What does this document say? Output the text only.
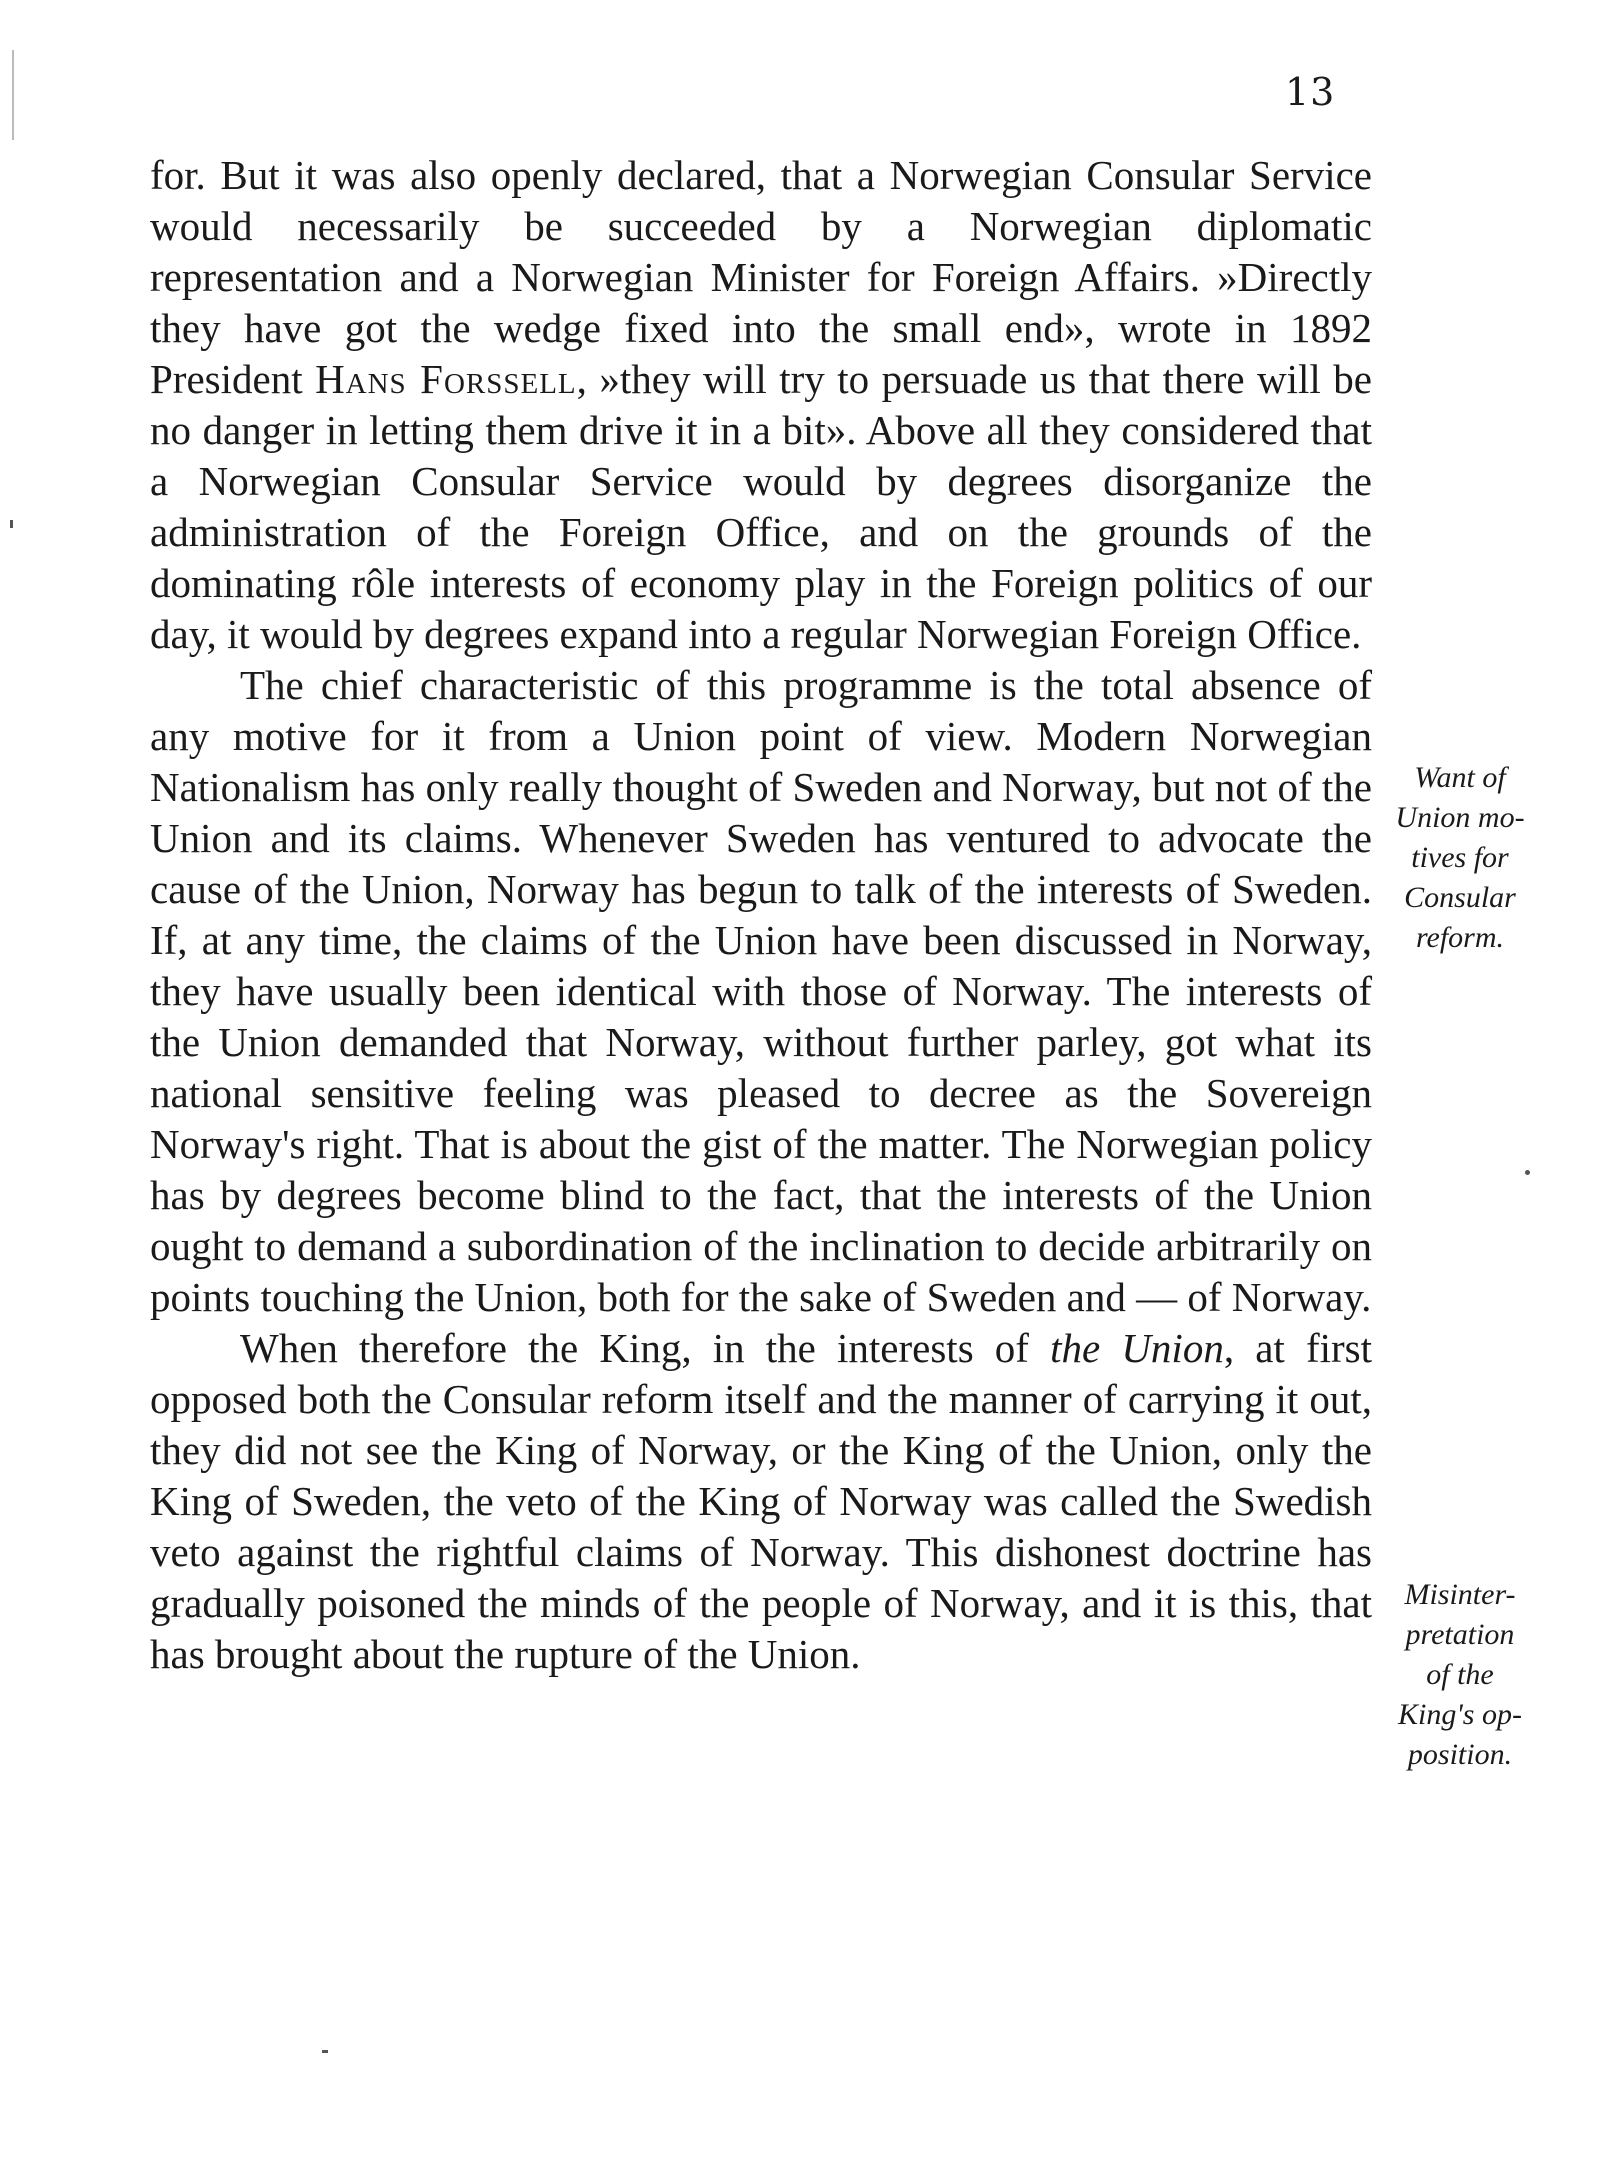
13

for. But it was also openly declared, that a Norwegian Consular Service would necessarily be succeeded by a Norwegian diplomatic representation and a Norwegian Minister for Foreign Affairs. »Directly they have got the wedge fixed into the small end», wrote in 1892 President Hans Forssell, »they will try to persuade us that there will be no danger in letting them drive it in a bit». Above all they considered that a Norwegian Consular Service would by degrees disorganize the administration of the Foreign Office, and on the grounds of the dominating rôle interests of economy play in the Foreign politics of our day, it would by degrees expand into a regular Norwegian Foreign Office.

The chief characteristic of this programme is the total absence of any motive for it from a Union point of view. Modern Norwegian Nationalism has only really thought of Sweden and Norway, but not of the Union and its claims. Whenever Sweden has ventured to advocate the cause of the Union, Norway has begun to talk of the interests of Sweden. If, at any time, the claims of the Union have been discussed in Norway, they have usually been identical with those of Norway. The interests of the Union demanded that Norway, without further parley, got what its national sensitive feeling was pleased to decree as the Sovereign Norway's right. That is about the gist of the matter. The Norwegian policy has by degrees become blind to the fact, that the interests of the Union ought to demand a subordination of the inclination to decide arbitrarily on points touching the Union, both for the sake of Sweden and — of Norway.

When therefore the King, in the interests of the Union, at first opposed both the Consular reform itself and the manner of carrying it out, they did not see the King of Norway, or the King of the Union, only the King of Sweden, the veto of the King of Norway was called the Swedish veto against the rightful claims of Norway. This dishonest doctrine has gradually poisoned the minds of the people of Norway, and it is this, that has brought about the rupture of the Union.

Want of
Union mo-
tives for
Consular
reform.
Misinter-
pretation
of the
King's op-
position.
